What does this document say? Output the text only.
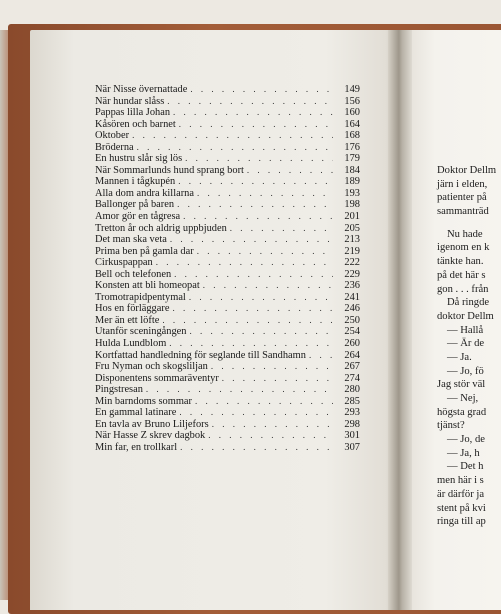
När Nisse övernattade . . .	149
När hundar slåss . . .	156
Pappas lilla Johan . . .	160
Kåsören och barnet . . .	164
Oktober . . .	168
Bröderna . . .	176
En hustru slår sig lös . . .	179
När Sommarlunds hund sprang bort . . .	184
Mannen i tågkupén . . .	189
Alla dom andra killarna . . .	193
Ballonger på baren . . .	198
Amor gör en tågresa . . .	201
Tretton år och aldrig uppbjuden . . .	205
Det man ska veta . . .	213
Prima ben på gamla dar . . .	219
Cirkuspappan . . .	222
Bell och telefonen . . .	229
Konsten att bli homeopat . . .	236
Tromotrapidpentymal . . .	241
Hos en förläggare . . .	246
Mer än ett löfte . . .	250
Utanför sceningången . . .	254
Hulda Lundblom . . .	260
Kortfattad handledning för seglande till Sandhamn . . .	264
Fru Nyman och skogsliljan . . .	267
Disponentens sommaräventyr . . .	274
Pingstresan . . .	280
Min barndoms sommar . . .	285
En gammal latinare . . .	293
En tavla av Bruno Liljefors . . .	298
När Hasse Z skrev dagbok . . .	301
Min far, en trollkarl . . .	307
Doktor Dellm
järn i elden,
patienter på
sammanträd
Nu hade
igenom en k
tänkte han.
på det här s
gon . . . från
Då ringde
doktor Dellm
— Hallå
— Är de
— Ja.
— Jo, fö
Jag stör väl
— Nej,
högsta grad
tjänst?
— Jo, de
— Ja, h
— Det h
men här i s
är därför ja
stent på kvi
ringa till ap
